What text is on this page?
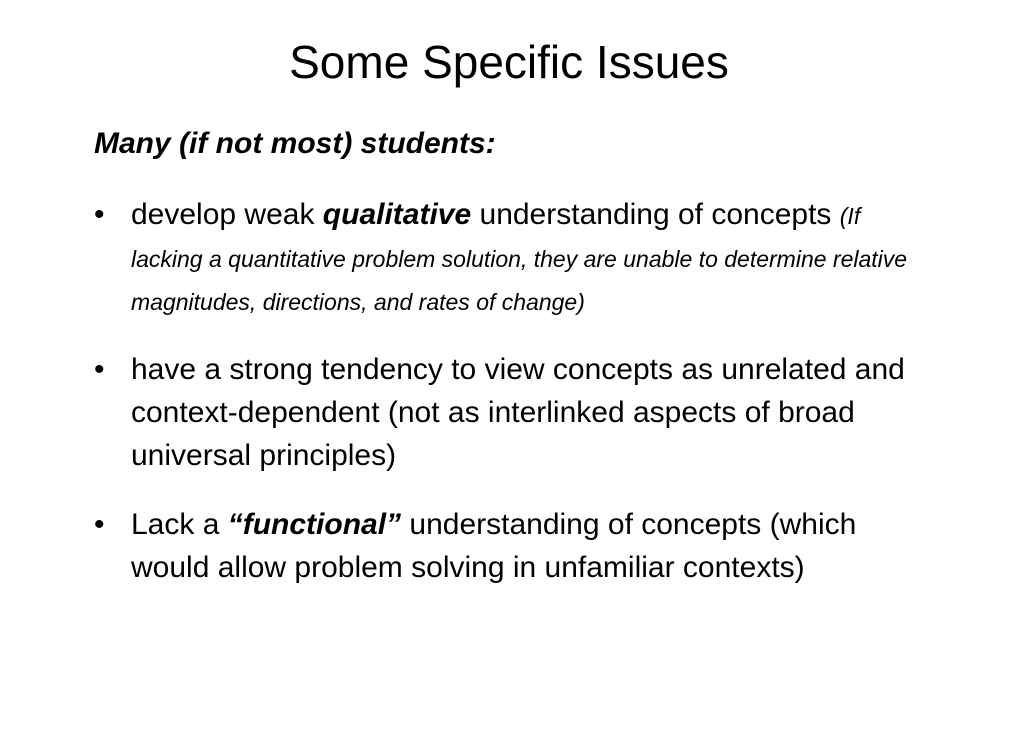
Some Specific Issues
Many (if not most) students:
• develop weak qualitative understanding of concepts (If lacking a quantitative problem solution, they are unable to determine relative magnitudes, directions, and rates of change)
• have a strong tendency to view concepts as unrelated and context-dependent (not as interlinked aspects of broad universal principles)
• Lack a “functional” understanding of concepts (which would allow problem solving in unfamiliar contexts)
